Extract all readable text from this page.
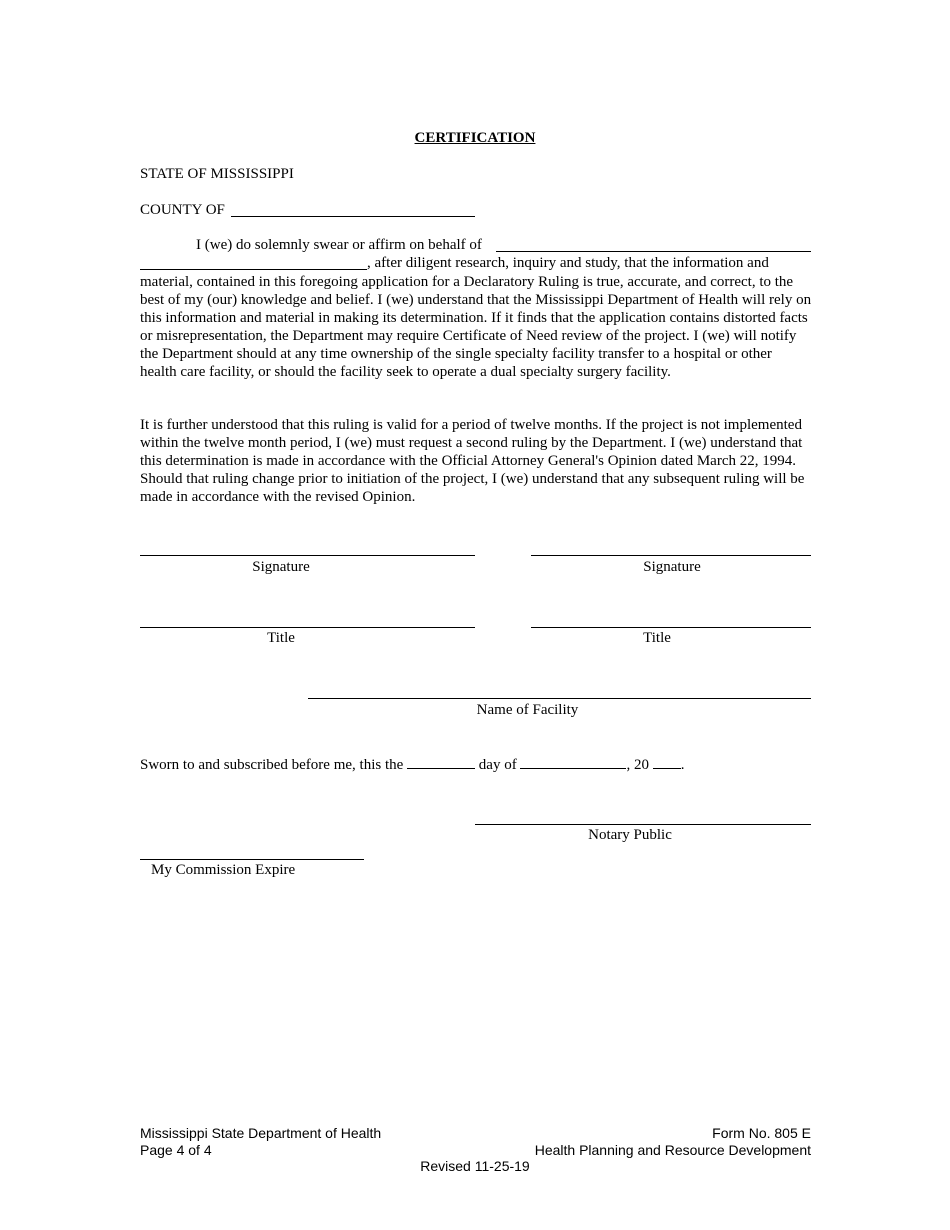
CERTIFICATION
STATE OF MISSISSIPPI
COUNTY OF
I (we) do solemnly swear or affirm on behalf of
, after diligent research, inquiry and study, that the information and

material, contained in this foregoing application for a Declaratory Ruling is true, accurate, and correct, to the best of my (our) knowledge and belief. I (we) understand that the Mississippi Department of Health will rely on this information and material in making its determination. If it finds that the application contains distorted facts or misrepresentation, the Department may require Certificate of Need review of the project. I (we) will notify the Department should at any time ownership of the single specialty facility transfer to a hospital or other health care facility, or should the facility seek to operate a dual specialty surgery facility.

It is further understood that this ruling is valid for a period of twelve months. If the project is not implemented within the twelve month period, I (we) must request a second ruling by the Department. I (we) understand that this determination is made in accordance with the Official Attorney General's Opinion dated March 22, 1994. Should that ruling change prior to initiation of the project, I (we) understand that any subsequent ruling will be made in accordance with the revised Opinion.

Signature	Signature
Title	Title
Name of Facility
Sworn to and subscribed before me, this the	day of	, 20 .
Notary Public
My Commission Expire
Mississippi State Department of Health
Page 4 of 4
Form No. 805 E
Health Planning and Resource Development
Revised 11-25-19
